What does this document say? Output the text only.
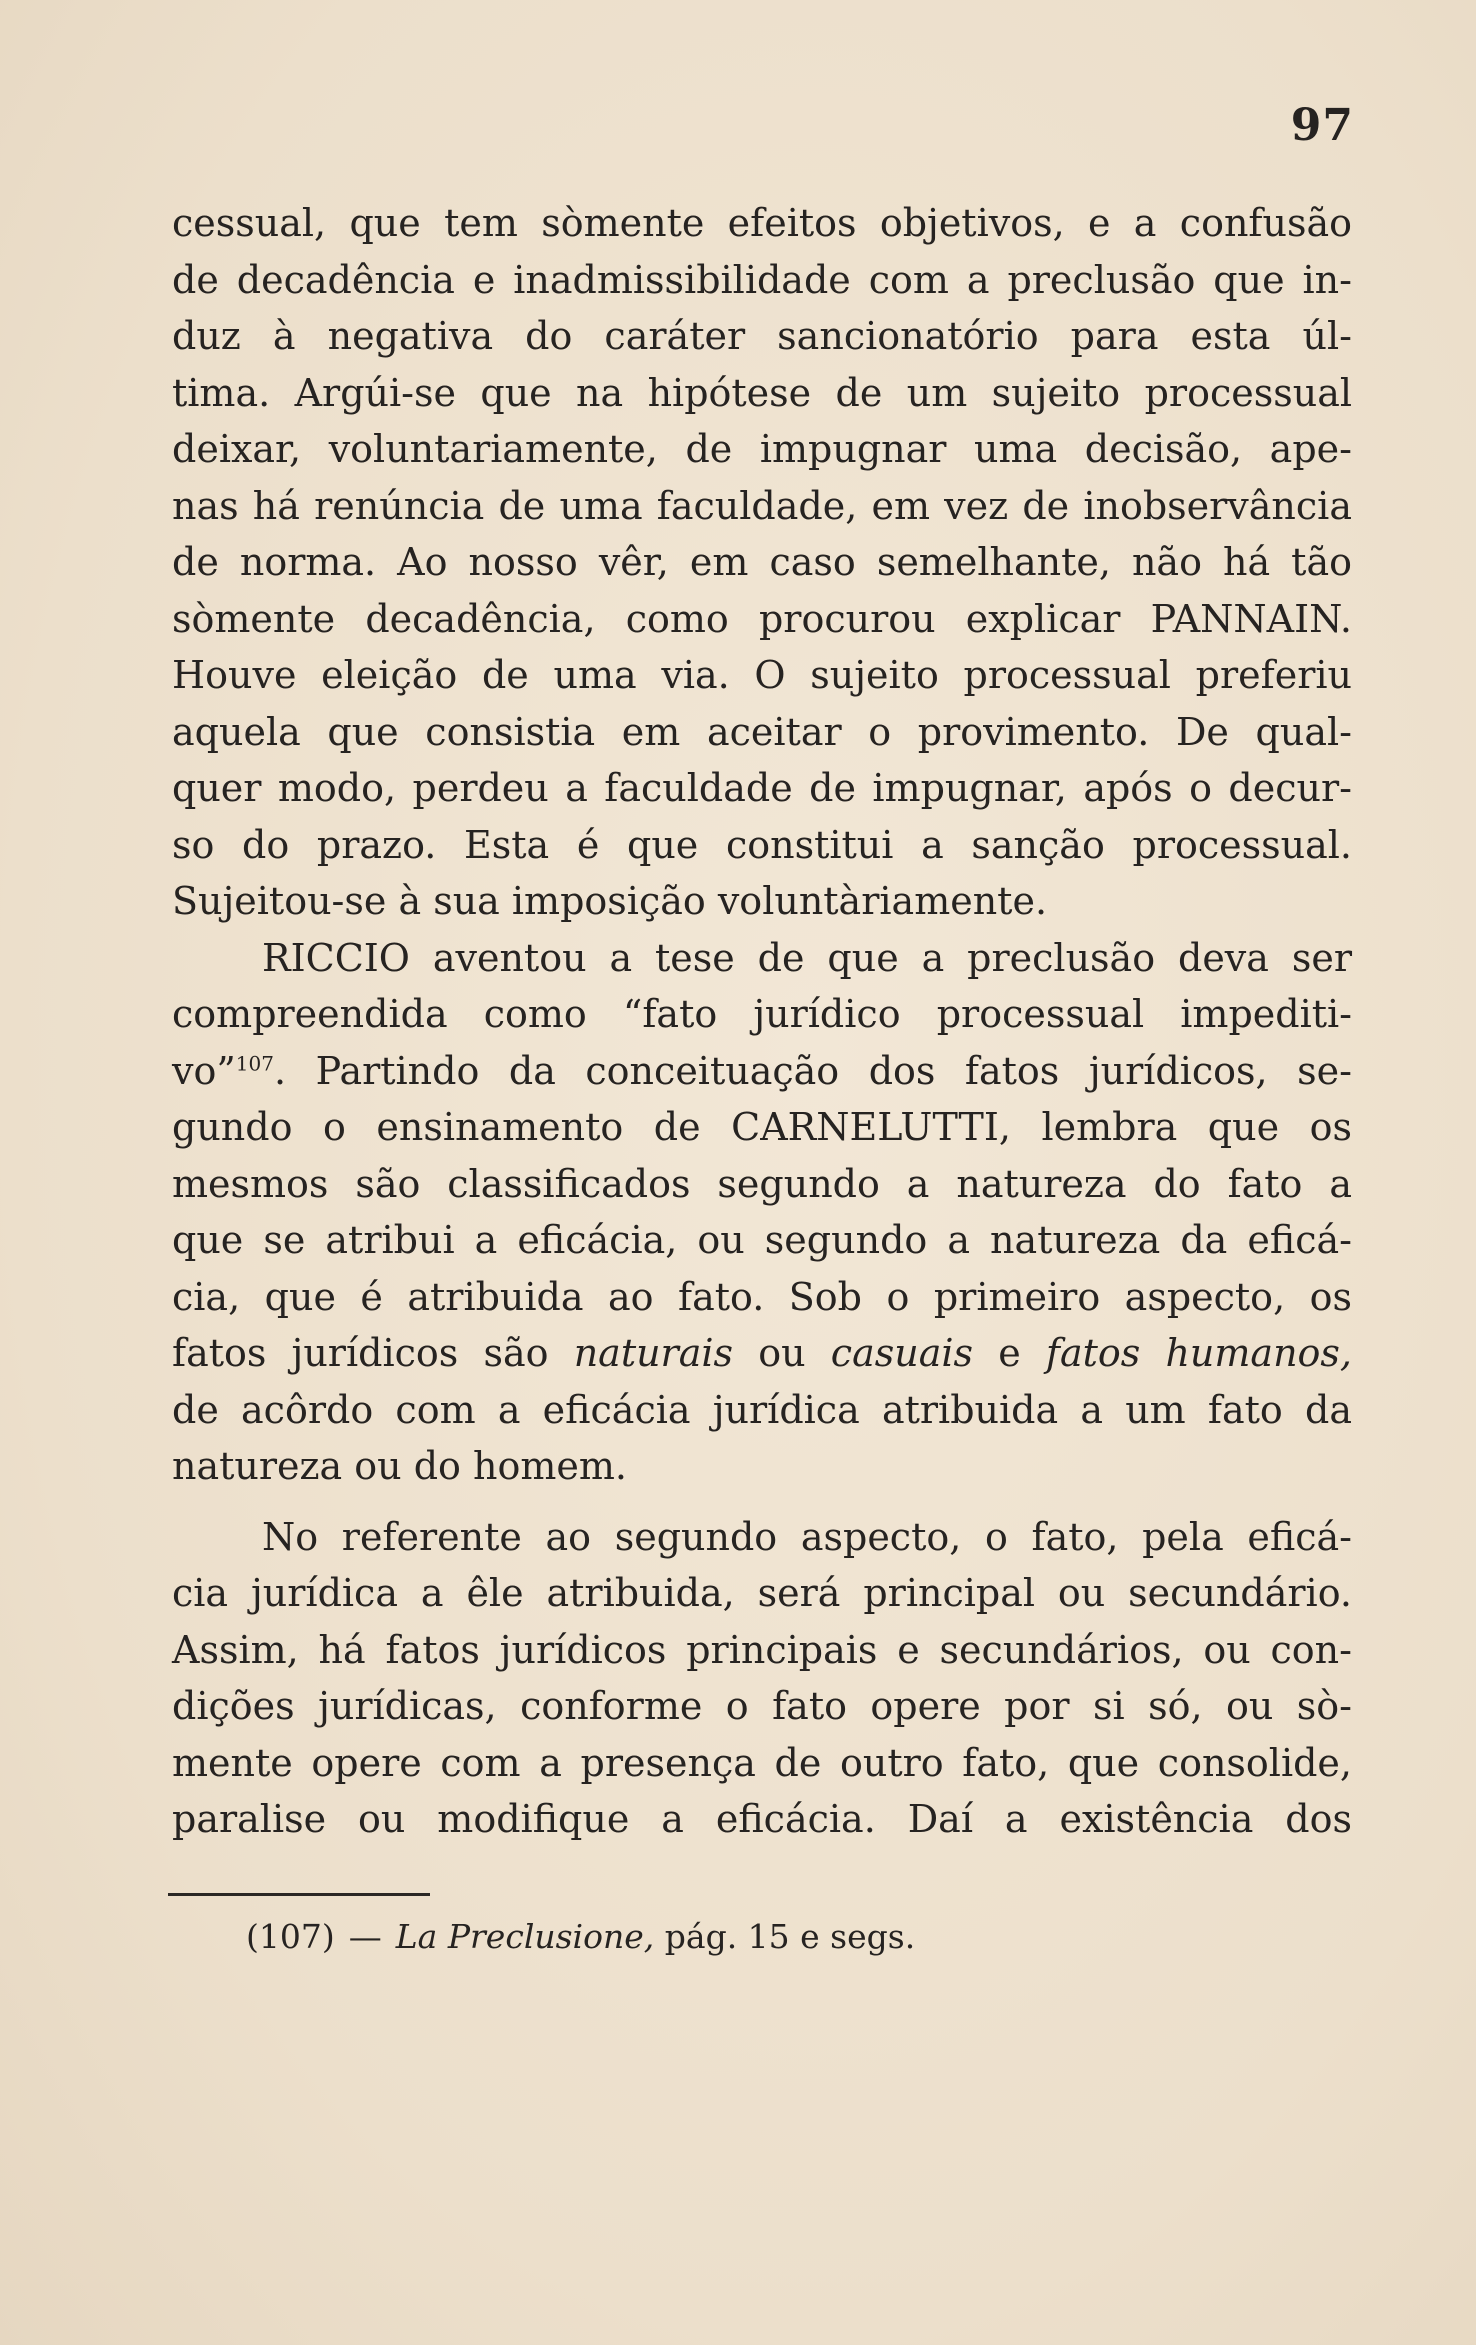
97
cessual, que tem sòmente efeitos objetivos, e a confusão
de decadência e inadmissibilidade com a preclusão que in-
duz à negativa do caráter sancionatório para esta úl-
tima. Argúi-se que na hipótese de um sujeito processual
deixar, voluntariamente, de impugnar uma decisão, ape-
nas há renúncia de uma faculdade, em vez de inobservância
de norma. Ao nosso vêr, em caso semelhante, não há tão
sòmente decadência, como procurou explicar PANNAIN.
Houve eleição de uma via. O sujeito processual preferiu
aquela que consistia em aceitar o provimento. De qual-
quer modo, perdeu a faculdade de impugnar, após o decur-
so do prazo. Esta é que constitui a sanção processual.
Sujeitou-se à sua imposição voluntàriamente.
RICCIO aventou a tese de que a preclusão deva ser
compreendida como “fato jurídico processual impediti-
vo”$^{107}$. Partindo da conceituação dos fatos jurídicos, se-
gundo o ensinamento de CARNELUTTI, lembra que os
mesmos são classificados segundo a natureza do fato a
que se atribui a eficácia, ou segundo a natureza da eficá-
cia, que é atribuida ao fato. Sob o primeiro aspecto, os
fatos jurídicos são naturais ou casuais e fatos humanos,
de acôrdo com a eficácia jurídica atribuida a um fato da
natureza ou do homem.
No referente ao segundo aspecto, o fato, pela eficá-
cia jurídica a êle atribuida, será principal ou secundário.
Assim, há fatos jurídicos principais e secundários, ou con-
dições jurídicas, conforme o fato opere por si só, ou sò-
mente opere com a presença de outro fato, que consolide,
paralise ou modifique a eficácia. Daí a existência dos
(107) — La Preclusione, pág. 15 e segs.
